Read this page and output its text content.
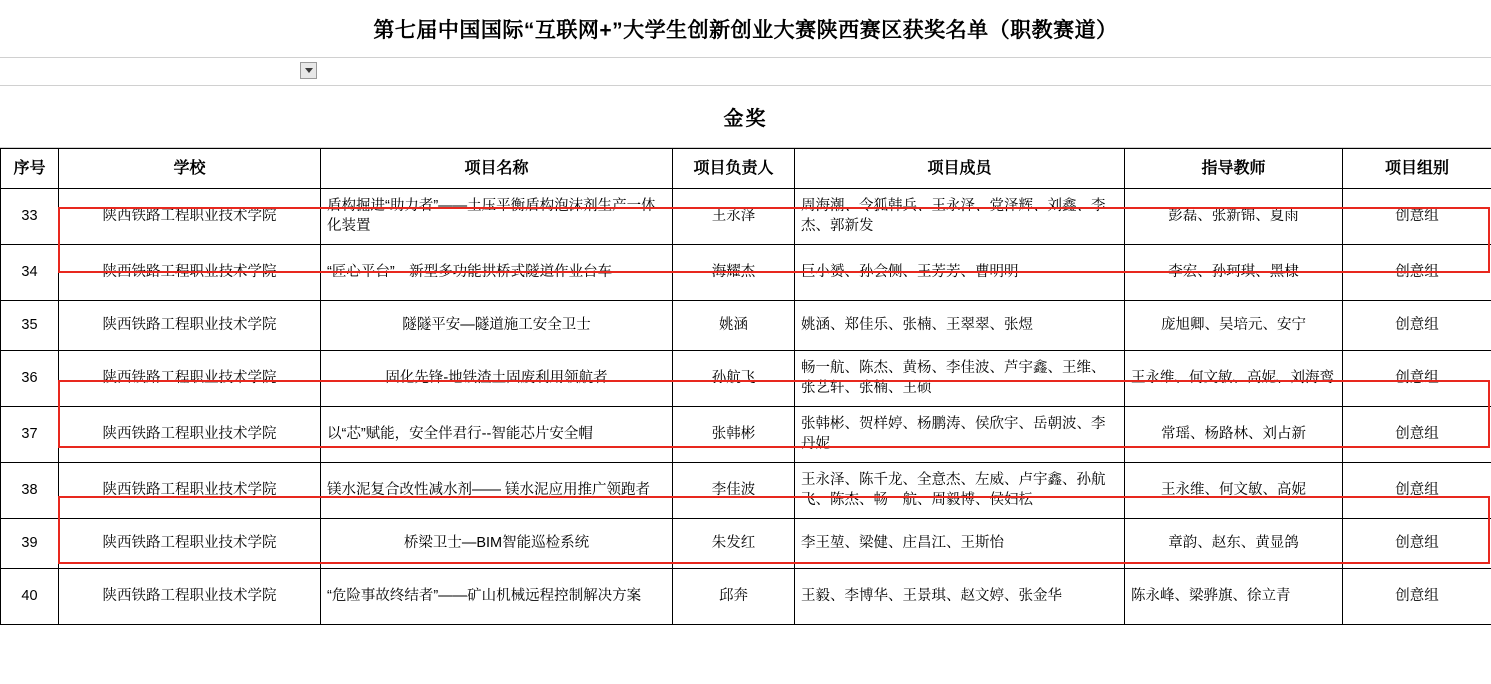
第七届中国国际“互联网+”大学生创新创业大赛陕西赛区获奖名单（职教赛道）
金奖
序号	学校	项目名称	项目负责人	项目成员	指导教师	项目组别
33	陕西铁路工程职业技术学院	盾构掘进“助力者”——土压平衡盾构泡沫剂生产一体化装置	王永泽	周海潮、令狐韩兵、王永泽、党泽辉、刘鑫、李杰、郭新发	彭磊、张新锦、夏雨	创意组
34	陕西铁路工程职业技术学院	“匠心平台”—新型多功能拱桥式隧道作业台车	海耀杰	巨小赟、孙会侧、王芳芳、曹明明	李宏、孙珂琪、黑棣	创意组
35	陕西铁路工程职业技术学院	隧隧平安—隧道施工安全卫士	姚涵	姚涵、郑佳乐、张楠、王翠翠、张煜	庞旭卿、吴培元、安宁	创意组
36	陕西铁路工程职业技术学院	固化先锋-地铁渣土固废利用领航者	孙航飞	畅一航、陈杰、黄杨、李佳波、芦宇鑫、王维、张艺轩、张楠、王硕	王永维、何文敏、高妮、刘海鸾	创意组
37	陕西铁路工程职业技术学院	以“芯”赋能，安全伴君行--智能芯片安全帽	张韩彬	张韩彬、贺样婷、杨鹏涛、侯欣宇、岳朝波、李丹妮	常瑶、杨路林、刘占新	创意组
38	陕西铁路工程职业技术学院	镁水泥复合改性减水剂—— 镁水泥应用推广领跑者	李佳波	王永泽、陈千龙、全意杰、左威、卢宇鑫、孙航飞、陈杰、畅一航、周毅博、侯妇枟	王永维、何文敏、高妮	创意组
39	陕西铁路工程职业技术学院	桥梁卫士—BIM智能巡检系统	朱发红	李王堃、梁健、庄昌江、王斯怡	章韵、赵东、黄显鸽	创意组
40	陕西铁路工程职业技术学院	“危险事故终结者”——矿山机械远程控制解决方案	邱奔	王毅、李博华、王景琪、赵文婷、张金华	陈永峰、梁骅旗、徐立青	创意组
